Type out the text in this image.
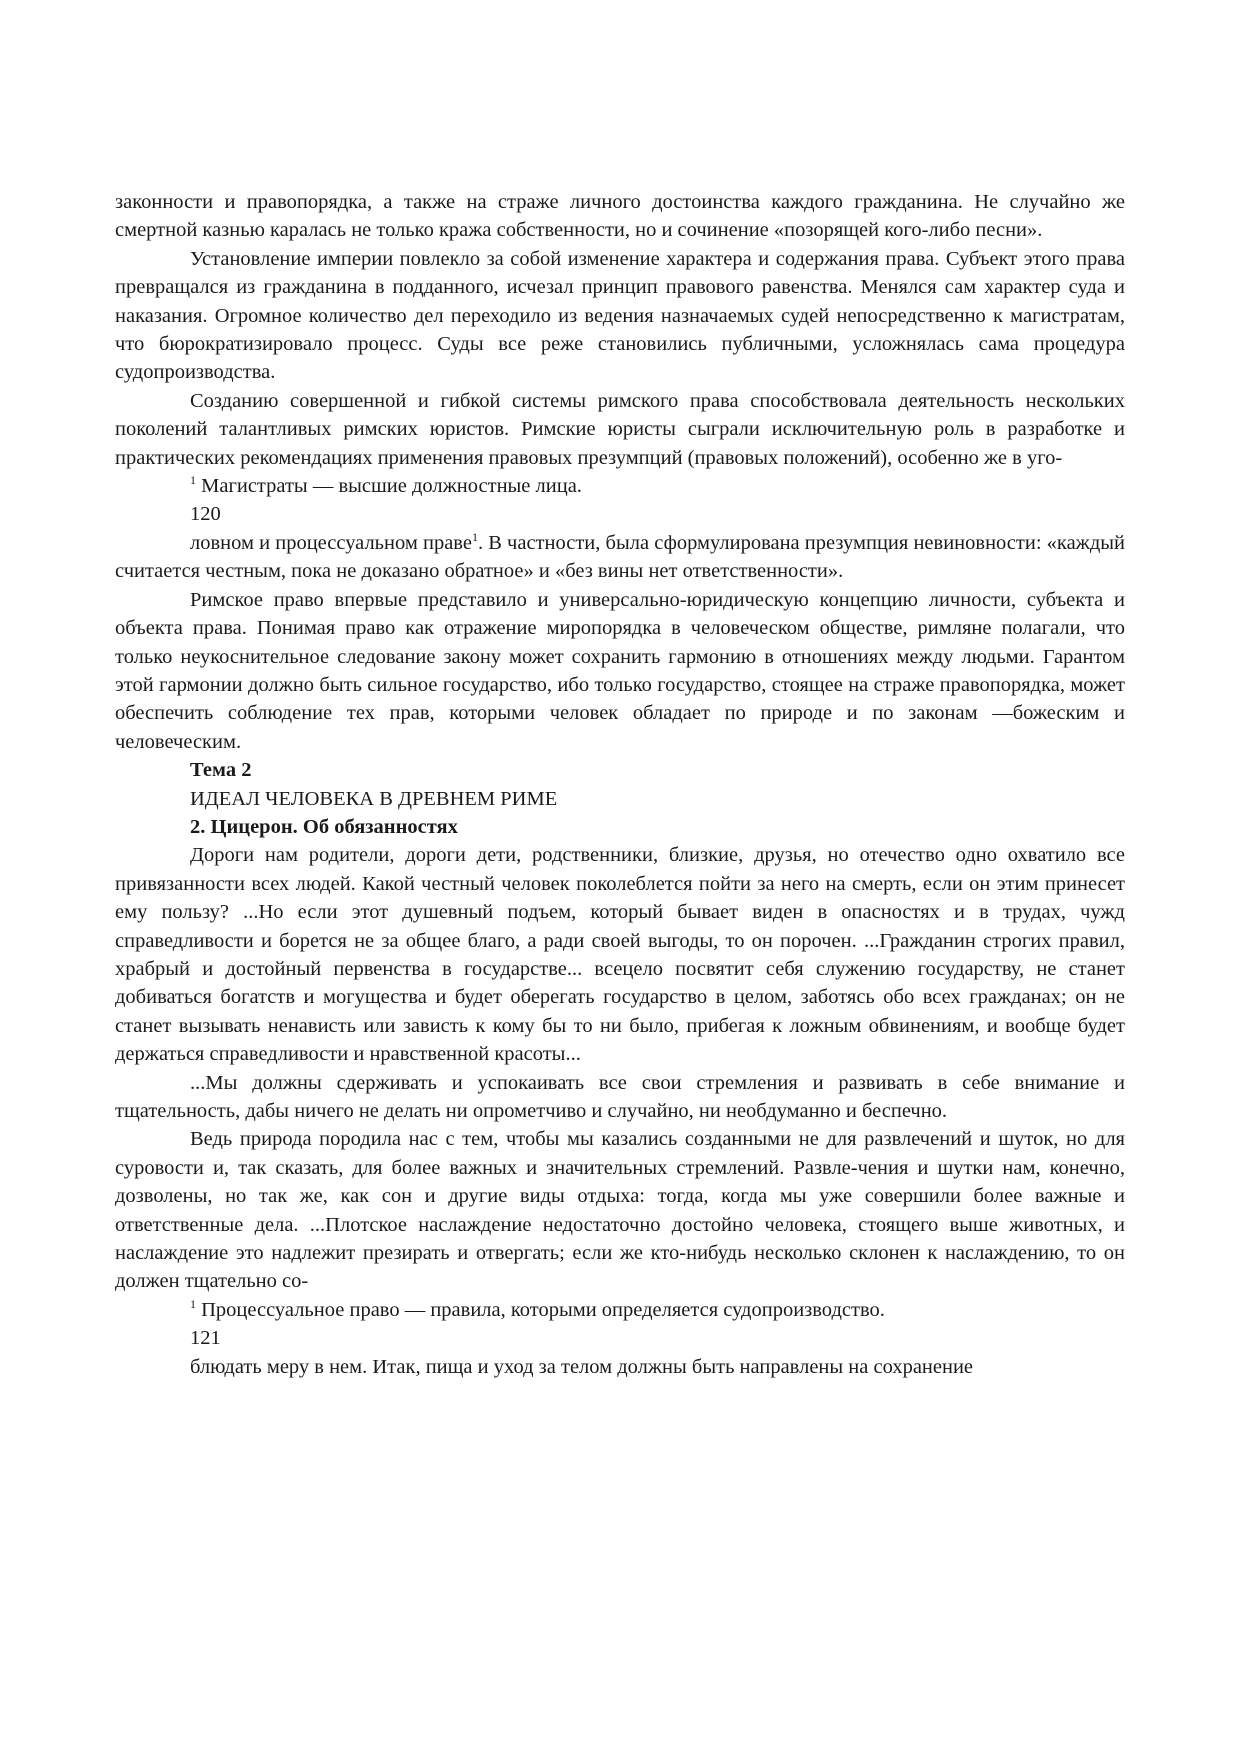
законности и правопорядка, а также на страже личного достоинства каждого гражданина. Не случайно же смертной казнью каралась не только кража собственности, но и сочинение «позорящей кого-либо песни».

Установление империи повлекло за собой изменение характера и содержания права. Субъект этого права превращался из гражданина в подданного, исчезал принцип правового равенства. Менялся сам характер суда и наказания. Огромное количество дел переходило из ведения назначаемых судей непосредственно к магистратам, что бюрократизировало процесс. Суды все реже становились публичными, усложнялась сама процедура судопроизводства.

Созданию совершенной и гибкой системы римского права способствовала деятельность нескольких поколений талантливых римских юристов. Римские юристы сыграли исключительную роль в разработке и практических рекомендациях применения правовых презумпций (правовых положений), особенно же в уго-

$^1$ Магистраты — высшие должностные лица.

120

ловном и процессуальном праве$^1$. В частности, была сформулирована презумпция невиновности: «каждый считается честным, пока не доказано обратное» и «без вины нет ответственности».

Римское право впервые представило и универсально-юридическую концепцию личности, субъекта и объекта права. Понимая право как отражение миропорядка в человеческом обществе, римляне полагали, что только неукоснительное следование закону может сохранить гармонию в отношениях между людьми. Гарантом этой гармонии должно быть сильное государство, ибо только государство, стоящее на страже правопорядка, может обеспечить соблюдение тех прав, которыми человек обладает по природе и по законам —божеским и человеческим.

Тема 2

ИДЕАЛ ЧЕЛОВЕКА В ДРЕВНЕМ РИМЕ

2. Цицерон. Об обязанностях

Дороги нам родители, дороги дети, родственники, близкие, друзья, но отечество одно охватило все привязанности всех людей. Какой честный человек поколеблется пойти за него на смерть, если он этим принесет ему пользу? ...Но если этот душевный подъем, который бывает виден в опасностях и в трудах, чужд справедливости и борется не за общее благо, а ради своей выгоды, то он порочен. ...Гражданин строгих правил, храбрый и достойный первенства в государстве... всецело посвятит себя служению государству, не станет добиваться богатств и могущества и будет оберегать государство в целом, заботясь обо всех гражданах; он не станет вызывать ненависть или зависть к кому бы то ни было, прибегая к ложным обвинениям, и вообще будет держаться справедливости и нравственной красоты...

...Мы должны сдерживать и успокаивать все свои стремления и развивать в себе внимание и тщательность, дабы ничего не делать ни опрометчиво и случайно, ни необдуманно и беспечно.

Ведь природа породила нас с тем, чтобы мы казались созданными не для развлечений и шуток, но для суровости и, так сказать, для более важных и значительных стремлений. Развле-чения и шутки нам, конечно, дозволены, но так же, как сон и другие виды отдыха: тогда, когда мы уже совершили более важные и ответственные дела. ...Плотское наслаждение недостаточно достойно человека, стоящего выше животных, и наслаждение это надлежит презирать и отвергать; если же кто-нибудь несколько склонен к наслаждению, то он должен тщательно со-

$^1$ Процессуальное право — правила, которыми определяется судопроизводство.

121

блюдать меру в нем. Итак, пища и уход за телом должны быть направлены на сохранение
